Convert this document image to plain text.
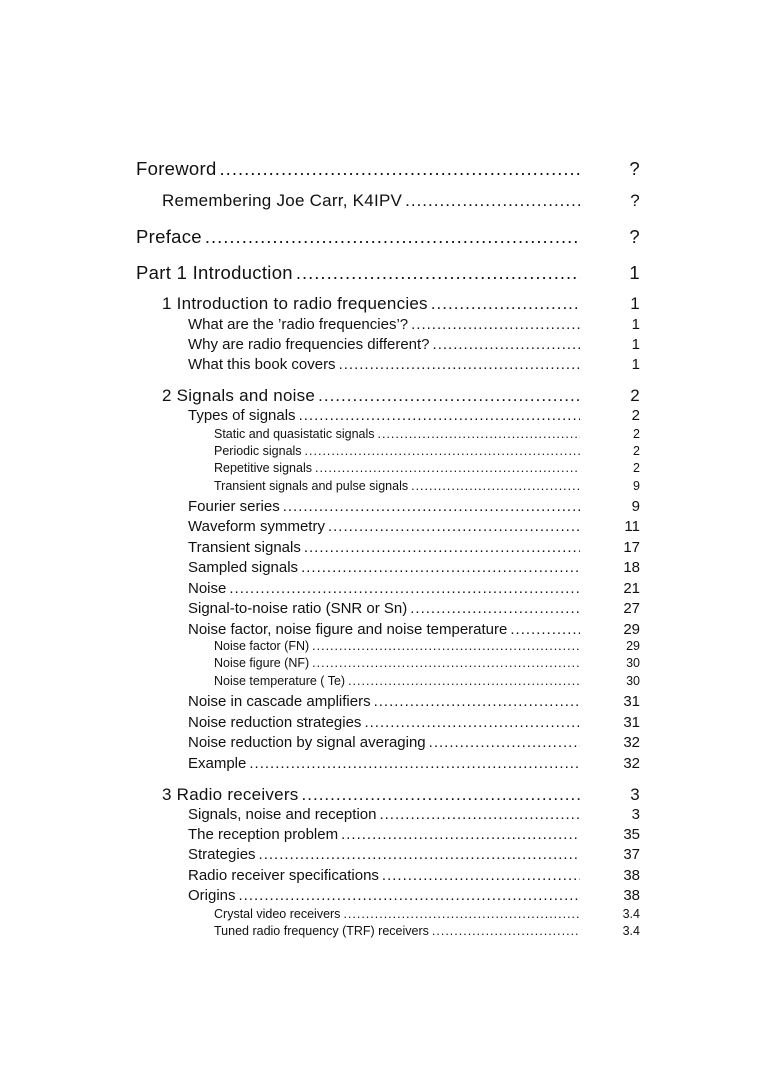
Foreword .....	?
Remembering Joe Carr, K4IPV .....	?
Preface .....	?
Part 1 Introduction .....	1
1 Introduction to radio frequencies .....	1
What are the ’radio frequencies’? .....	1
Why are radio frequencies different? .....	1
What this book covers .....	1
2 Signals and noise .....	2
Types of signals .....	2
Static and quasistatic signals .....	2
Periodic signals .....	2
Repetitive signals .....	2
Transient signals and pulse signals .....	9
Fourier series .....	9
Waveform symmetry .....	11
Transient signals .....	17
Sampled signals .....	18
Noise .....	21
Signal-to-noise ratio (SNR or Sn) .....	27
Noise factor, noise figure and noise temperature .....	29
Noise factor (FN) .....	29
Noise figure (NF) .....	30
Noise temperature ( Te) .....	30
Noise in cascade amplifiers .....	31
Noise reduction strategies .....	31
Noise reduction by signal averaging .....	32
Example .....	32
3 Radio receivers .....	3
Signals, noise and reception .....	3
The reception problem .....	35
Strategies .....	37
Radio receiver specifications .....	38
Origins .....	38
Crystal video receivers .....	3.4
Tuned radio frequency (TRF) receivers .....	3.4
